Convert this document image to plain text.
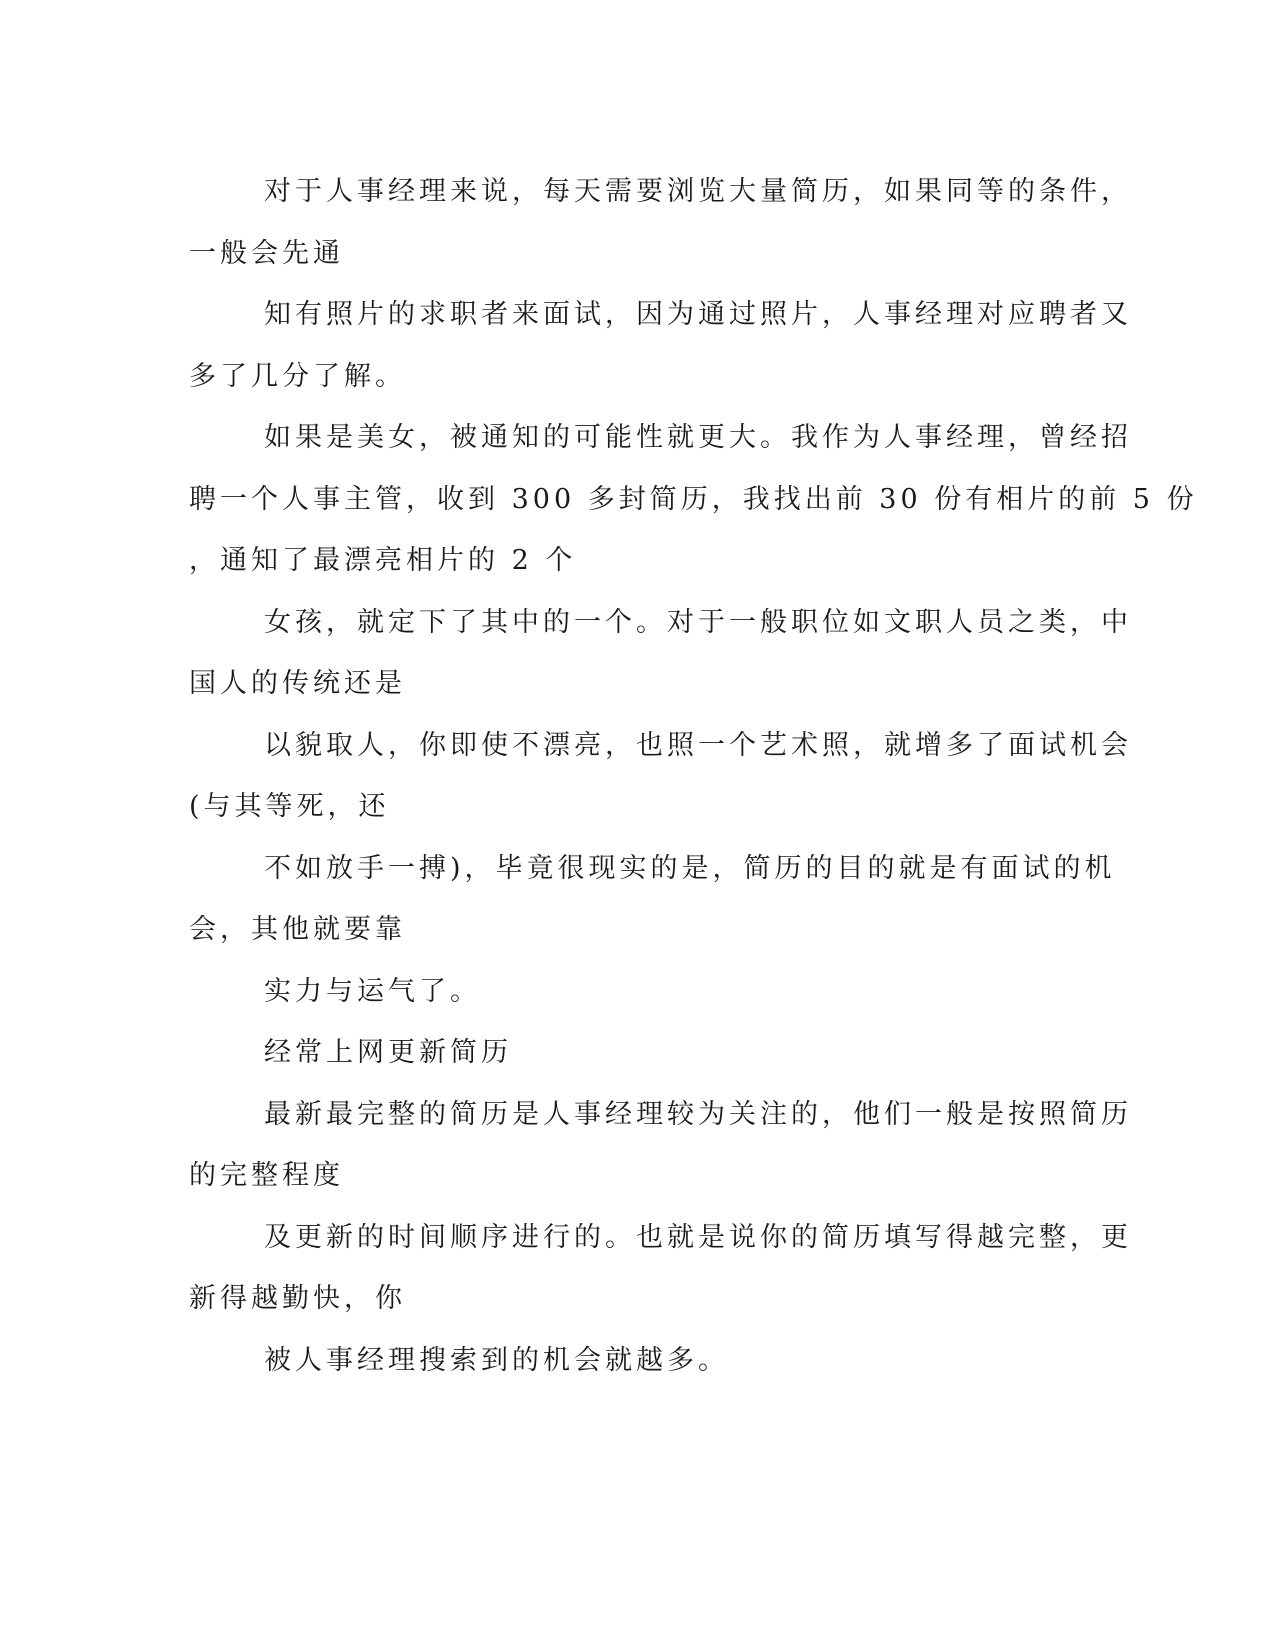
对于人事经理来说，每天需要浏览大量简历，如果同等的条件，
一般会先通

知有照片的求职者来面试，因为通过照片，人事经理对应聘者又
多了几分了解。

如果是美女，被通知的可能性就更大。我作为人事经理，曾经招
聘一个人事主管，收到 300 多封简历，我找出前 30 份有相片的前 5 份
，通知了最漂亮相片的 2 个

女孩，就定下了其中的一个。对于一般职位如文职人员之类，中
国人的传统还是

以貌取人，你即使不漂亮，也照一个艺术照，就增多了面试机会
(与其等死，还

不如放手一搏)，毕竟很现实的是，简历的目的就是有面试的机
会，其他就要靠

实力与运气了。

经常上网更新简历

最新最完整的简历是人事经理较为关注的，他们一般是按照简历
的完整程度

及更新的时间顺序进行的。也就是说你的简历填写得越完整，更
新得越勤快，你

被人事经理搜索到的机会就越多。
